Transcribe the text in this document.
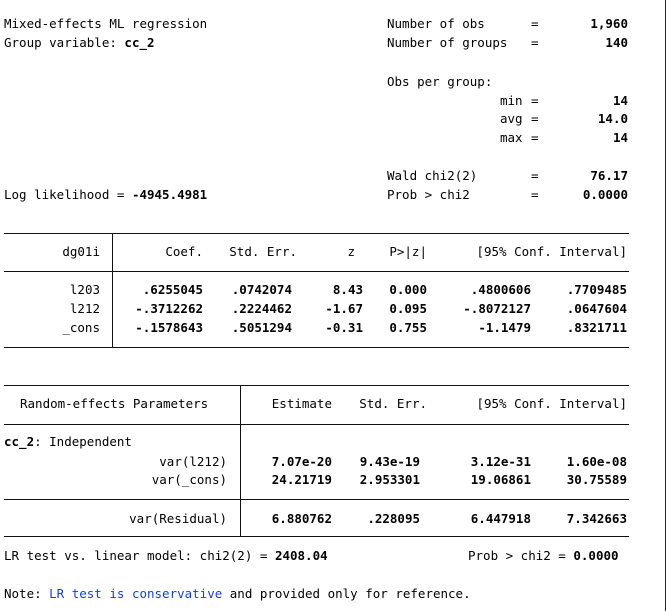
Mixed-effects ML regression
Group variable: cc_2
Number of obs	=	1,960
Number of groups =	140
Obs per group:
min =	14
avg =	14.0
max =	14
Wald chi2(2)	=	76.17
Log likelihood = -4945.4981	Prob > chi2	=	0.0000
dg01i	Coef.	Std. Err.	z	P>|z|	[95% Conf. Interval]
l203	.6255045	.0742074	8.43	0.000	.4800606	.7709485
l212	-.3712262	.2224462	-1.67	0.095	-.8072127	.0647604
_cons	-.1578643	.5051294	-0.31	0.755	-1.1479	.8321711
Random-effects Parameters	Estimate	Std. Err.	[95% Conf. Interval]
cc_2: Independent
var(l212)	7.07e-20	9.43e-19	3.12e-31	1.60e-08
var(_cons)	24.21719	2.953301	19.06861	30.75589
var(Residual)	6.880762	.228095	6.447918	7.342663
LR test vs. linear model: chi2(2) = 2408.04	Prob > chi2 = 0.0000
Note: LR test is conservative and provided only for reference.
